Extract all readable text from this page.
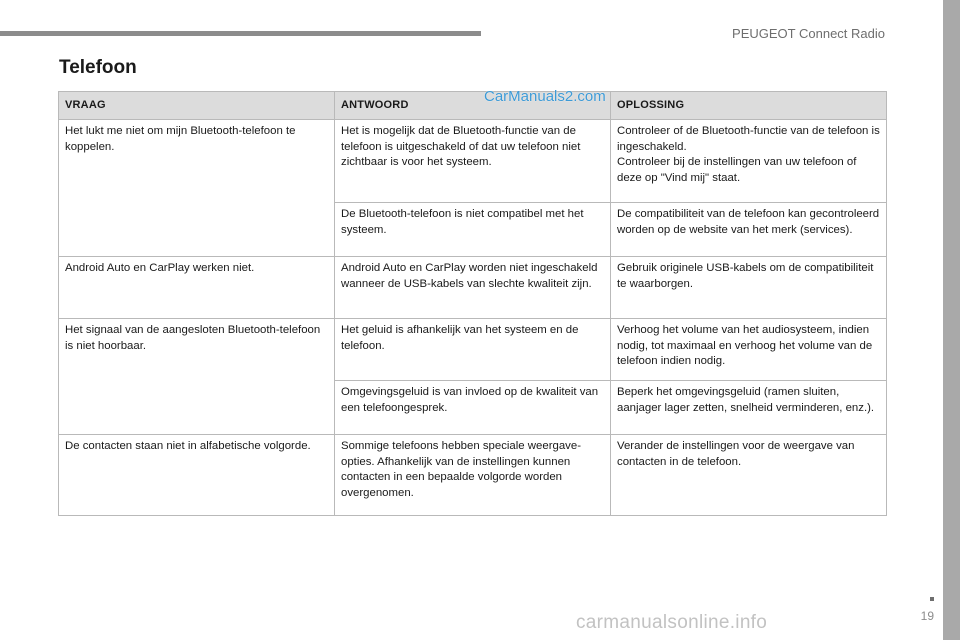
PEUGEOT Connect Radio
Telefoon
VRAAG	ANTWOORD	OPLOSSING
Het lukt me niet om mijn Bluetooth-telefoon te koppelen.	Het is mogelijk dat de Bluetooth-functie van de telefoon is uitgeschakeld of dat uw telefoon niet zichtbaar is voor het systeem.	Controleer of de Bluetooth-functie van de telefoon is ingeschakeld.
Controleer bij de instellingen van uw telefoon of deze op "Vind mij" staat.

	De Bluetooth-telefoon is niet compatibel met het systeem.	De compatibiliteit van de telefoon kan gecontroleerd worden op de website van het merk (services).
Android Auto en CarPlay werken niet.	Android Auto en CarPlay worden niet ingeschakeld wanneer de USB-kabels van slechte kwaliteit zijn.	Gebruik originele USB-kabels om de compatibiliteit te waarborgen.
Het signaal van de aangesloten Bluetooth-telefoon is niet hoorbaar.	Het geluid is afhankelijk van het systeem en de telefoon.	Verhoog het volume van het audiosysteem, indien nodig, tot maximaal en verhoog het volume van de telefoon indien nodig.
	Omgevingsgeluid is van invloed op de kwaliteit van een telefoongesprek.	Beperk het omgevingsgeluid (ramen sluiten, aanjager lager zetten, snelheid verminderen, enz.).
De contacten staan niet in alfabetische volgorde.	Sommige telefoons hebben speciale weergave-opties. Afhankelijk van de instellingen kunnen contacten in een bepaalde volgorde worden overgenomen.	Verander de instellingen voor de weergave van contacten in de telefoon.
CarManuals2.com
19
carmanualsonline.info
